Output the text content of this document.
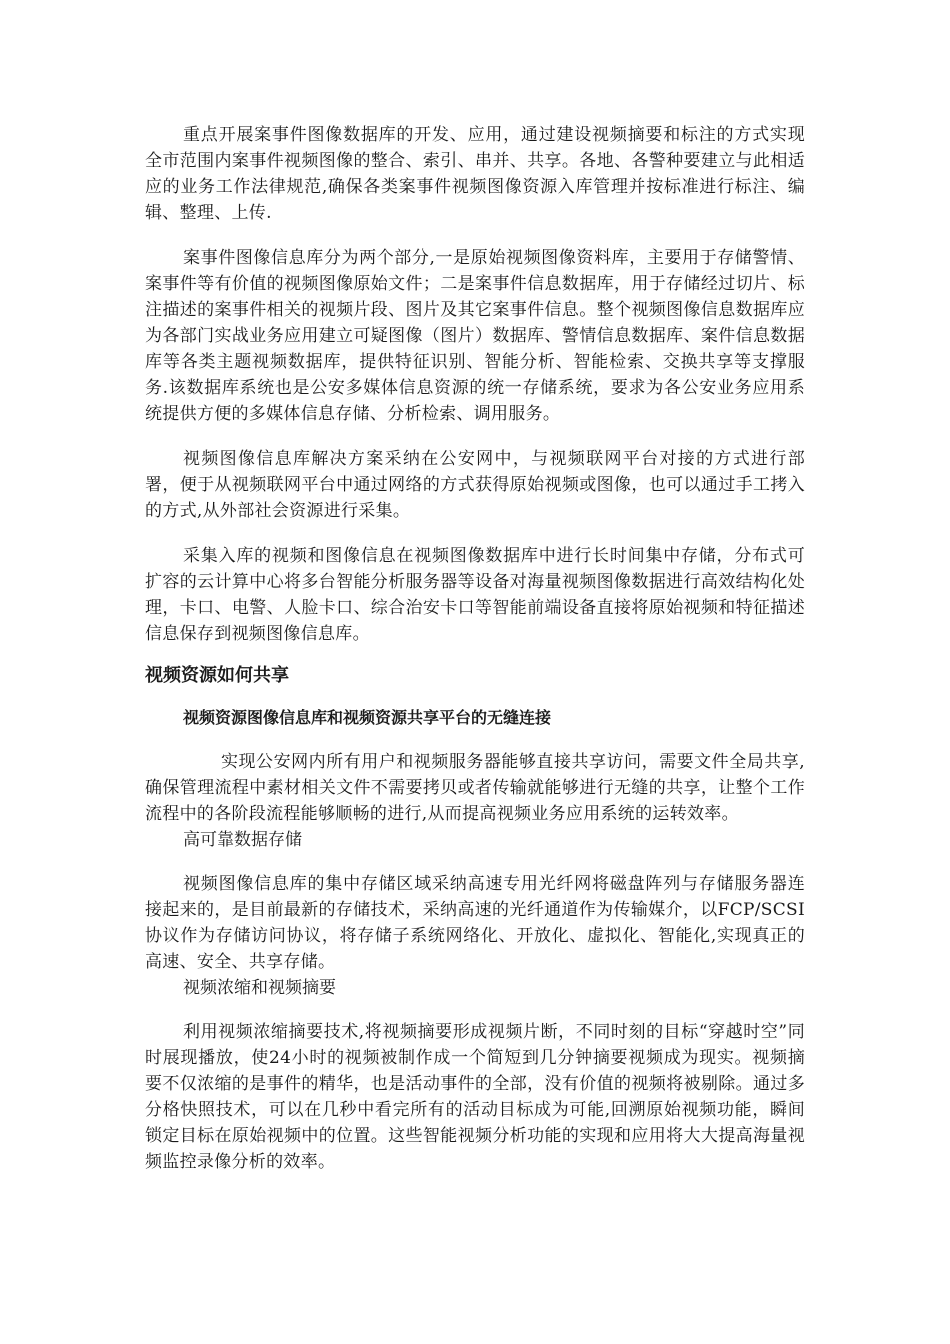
重点开展案事件图像数据库的开发、应用，通过建设视频摘要和标注的方式实现全市范围内案事件视频图像的整合、索引、串并、共享。各地、各警种要建立与此相适应的业务工作法律规范,确保各类案事件视频图像资源入库管理并按标准进行标注、编辑、整理、上传.

案事件图像信息库分为两个部分,一是原始视频图像资料库，主要用于存储警情、案事件等有价值的视频图像原始文件；二是案事件信息数据库，用于存储经过切片、标注描述的案事件相关的视频片段、图片及其它案事件信息。整个视频图像信息数据库应为各部门实战业务应用建立可疑图像（图片）数据库、警情信息数据库、案件信息数据库等各类主题视频数据库，提供特征识别、智能分析、智能检索、交换共享等支撑服务.该数据库系统也是公安多媒体信息资源的统一存储系统，要求为各公安业务应用系统提供方便的多媒体信息存储、分析检索、调用服务。

视频图像信息库解决方案采纳在公安网中，与视频联网平台对接的方式进行部署，便于从视频联网平台中通过网络的方式获得原始视频或图像，也可以通过手工拷入的方式,从外部社会资源进行采集。

采集入库的视频和图像信息在视频图像数据库中进行长时间集中存储，分布式可扩容的云计算中心将多台智能分析服务器等设备对海量视频图像数据进行高效结构化处理，卡口、电警、人脸卡口、综合治安卡口等智能前端设备直接将原始视频和特征描述信息保存到视频图像信息库。

视频资源如何共享
视频资源图像信息库和视频资源共享平台的无缝连接

实现公安网内所有用户和视频服务器能够直接共享访问，需要文件全局共享,确保管理流程中素材相关文件不需要拷贝或者传输就能够进行无缝的共享，让整个工作流程中的各阶段流程能够顺畅的进行,从而提高视频业务应用系统的运转效率。

高可靠数据存储

视频图像信息库的集中存储区域采纳高速专用光纤网将磁盘阵列与存储服务器连接起来的，是目前最新的存储技术，采纳高速的光纤通道作为传输媒介，以FCP/SCSI协议作为存储访问协议，将存储子系统网络化、开放化、虚拟化、智能化,实现真正的高速、安全、共享存储。

视频浓缩和视频摘要

利用视频浓缩摘要技术,将视频摘要形成视频片断，不同时刻的目标“穿越时空”同时展现播放，使24小时的视频被制作成一个简短到几分钟摘要视频成为现实。视频摘要不仅浓缩的是事件的精华，也是活动事件的全部，没有价值的视频将被剔除。通过多分格快照技术，可以在几秒中看完所有的活动目标成为可能,回溯原始视频功能，瞬间锁定目标在原始视频中的位置。这些智能视频分析功能的实现和应用将大大提高海量视频监控录像分析的效率。
